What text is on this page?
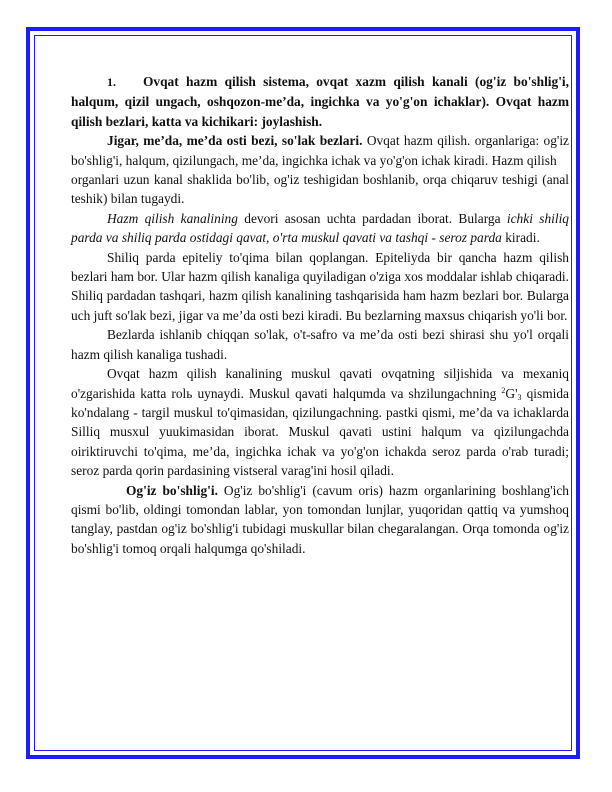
1. Ovqat hazm qilish sistema, ovqat xazm qilish kanali (og'iz bo'shlig'i, halqum, qizil ungach, oshqozon-me’da, ingichka va yo'g'on ichaklar). Ovqat hazm qilish bezlari, katta va kichikari: joylashish.

Jigar, me’da, me’da osti bezi, so'lak bezlari. Ovqat hazm qilish. organlariga: og'iz bo'shlig'i, halqum, qizilungach, me’da, ingichka ichak va yo'g'on ichak kiradi. Hazm qilish

organlari uzun kanal shaklida bo'lib, og'iz teshigidan boshlanib, orqa chiqaruv teshigi (anal teshik) bilan tugaydi.

Hazm qilish kanalining devori asosan uchta pardadan iborat. Bularga ichki shiliq parda va shiliq parda ostidagi qavat, o'rta muskul qavati va tashqi - seroz parda kiradi.

Shiliq parda epiteliy to'qima bilan qoplangan. Epiteliyda bir qancha hazm qilish bezlari ham bor. Ular hazm qilish kanaliga quyiladigan o'ziga xos moddalar ishlab chiqaradi. Shiliq pardadan tashqari, hazm qilish kanalining tashqarisida ham hazm bezlari bor. Bularga uch juft so'lak bezi, jigar va me’da osti bezi kiradi. Bu bezlarning maxsus chiqarish yo'li bor.

Bezlarda ishlanib chiqqan so'lak, o't-safro va me’da osti bezi shirasi shu yo'l orqali hazm qilish kanaliga tushadi.

Ovqat hazm qilish kanalining muskul qavati ovqatning siljishida va mexaniq o'zgarishida katta rolь uynaydi. Muskul qavati halqumda va shzilungachning $^2G'_3$ qismida ko'ndalang - targil muskul to'qimasidan, qizilungachning. pastki qismi, me’da va ichaklarda Silliq musxul yuukimasidan iborat. Muskul qavati ustini halqum va qizilungachda oiriktiruvchi to'qima, me’da, ingichka ichak va yo'g'on ichakda seroz parda o'rab turadi; seroz parda qorin pardasining vistseral varag'ini hosil qiladi.

Og'iz bo'shlig'i. Og'iz bo'shlig'i (cavum oris) hazm organlarining boshlang'ich qismi bo'lib, oldingi tomondan lablar, yon tomondan lunjlar, yuqoridan qattiq va yumshoq tanglay, pastdan og'iz bo'shlig'i tubidagi muskullar bilan chegaralangan. Orqa tomonda og'iz bo'shlig'i tomoq orqali halqumga qo'shiladi.
